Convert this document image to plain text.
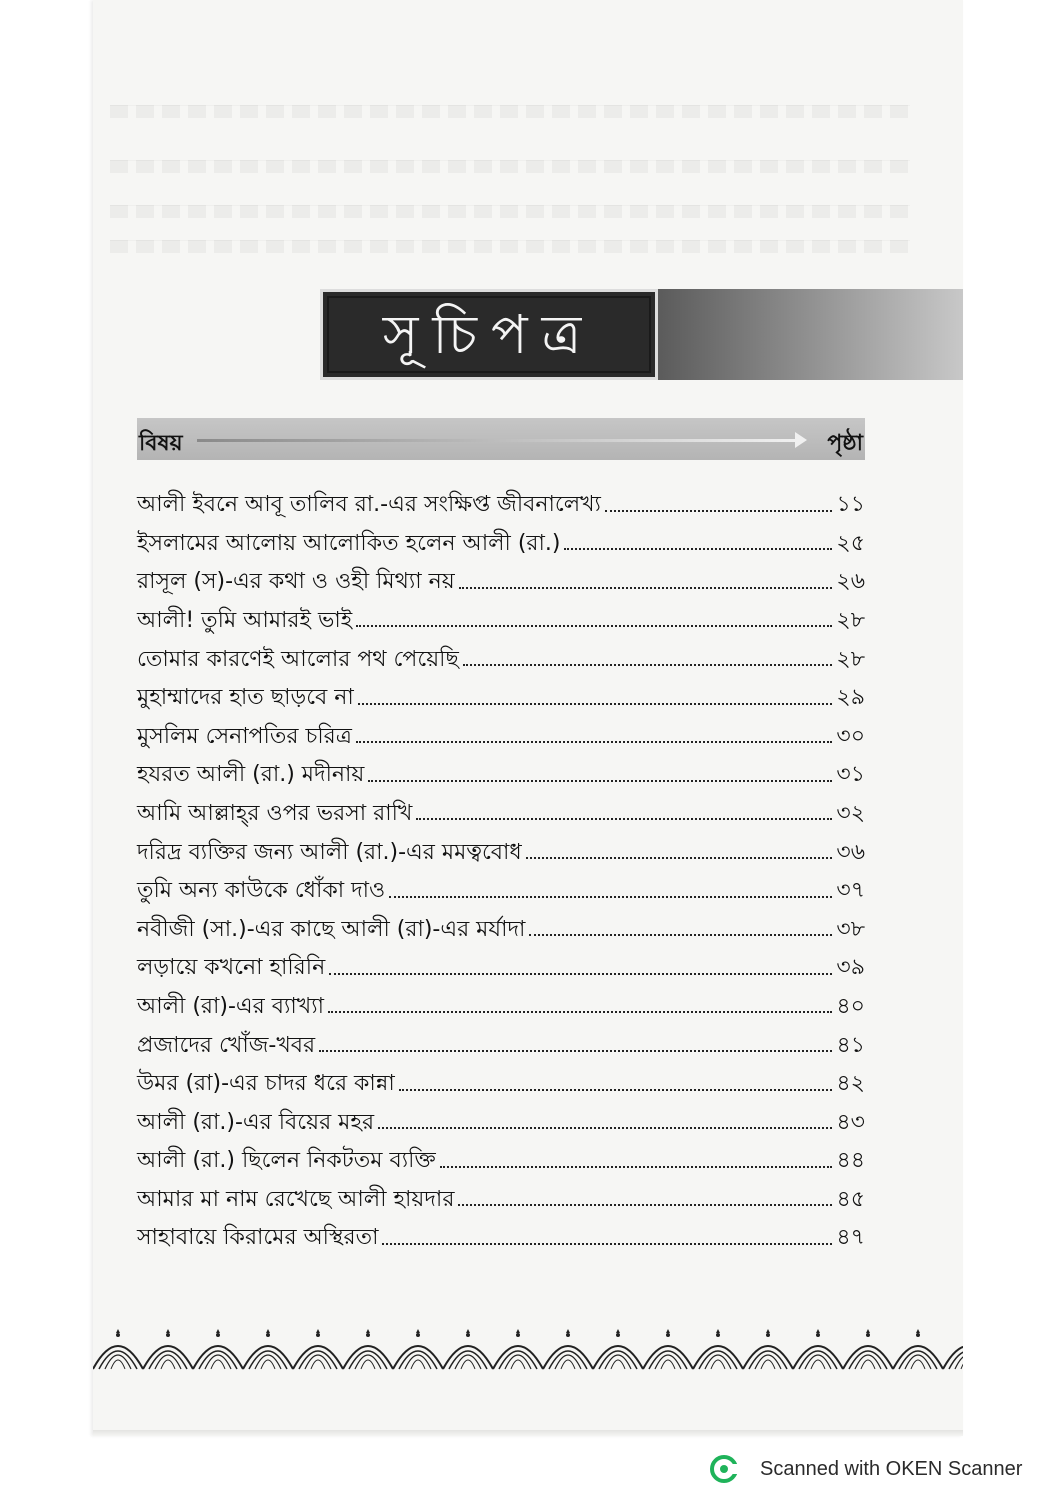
সূচিপত্র
বিষয়	পৃষ্ঠা
আলী ইবনে আবূ তালিব রা.-এর সংক্ষিপ্ত জীবনালেখ্য	১১
ইসলামের আলোয় আলোকিত হলেন আলী (রা.)	২৫
রাসূল (স)-এর কথা ও ওহী মিথ্যা নয়	২৬
আলী! তুমি আমারই ভাই	২৮
তোমার কারণেই আলোর পথ পেয়েছি	২৮
মুহাম্মাদের হাত ছাড়বে না	২৯
মুসলিম সেনাপতির চরিত্র	৩০
হযরত আলী (রা.) মদীনায়	৩১
আমি আল্লাহ্‌র ওপর ভরসা রাখি	৩২
দরিদ্র ব্যক্তির জন্য আলী (রা.)-এর মমত্ববোধ	৩৬
তুমি অন্য কাউকে ধোঁকা দাও	৩৭
নবীজী (সা.)-এর কাছে আলী (রা)-এর মর্যাদা	৩৮
লড়ায়ে কখনো হারিনি	৩৯
আলী (রা)-এর ব্যাখ্যা	৪০
প্রজাদের খোঁজ-খবর	৪১
উমর (রা)-এর চাদর ধরে কান্না	৪২
আলী (রা.)-এর বিয়ের মহর	৪৩
আলী (রা.) ছিলেন নিকটতম ব্যক্তি	৪৪
আমার মা নাম রেখেছে আলী হায়দার	৪৫
সাহাবায়ে কিরামের অস্থিরতা	৪৭
Scanned with OKEN Scanner
